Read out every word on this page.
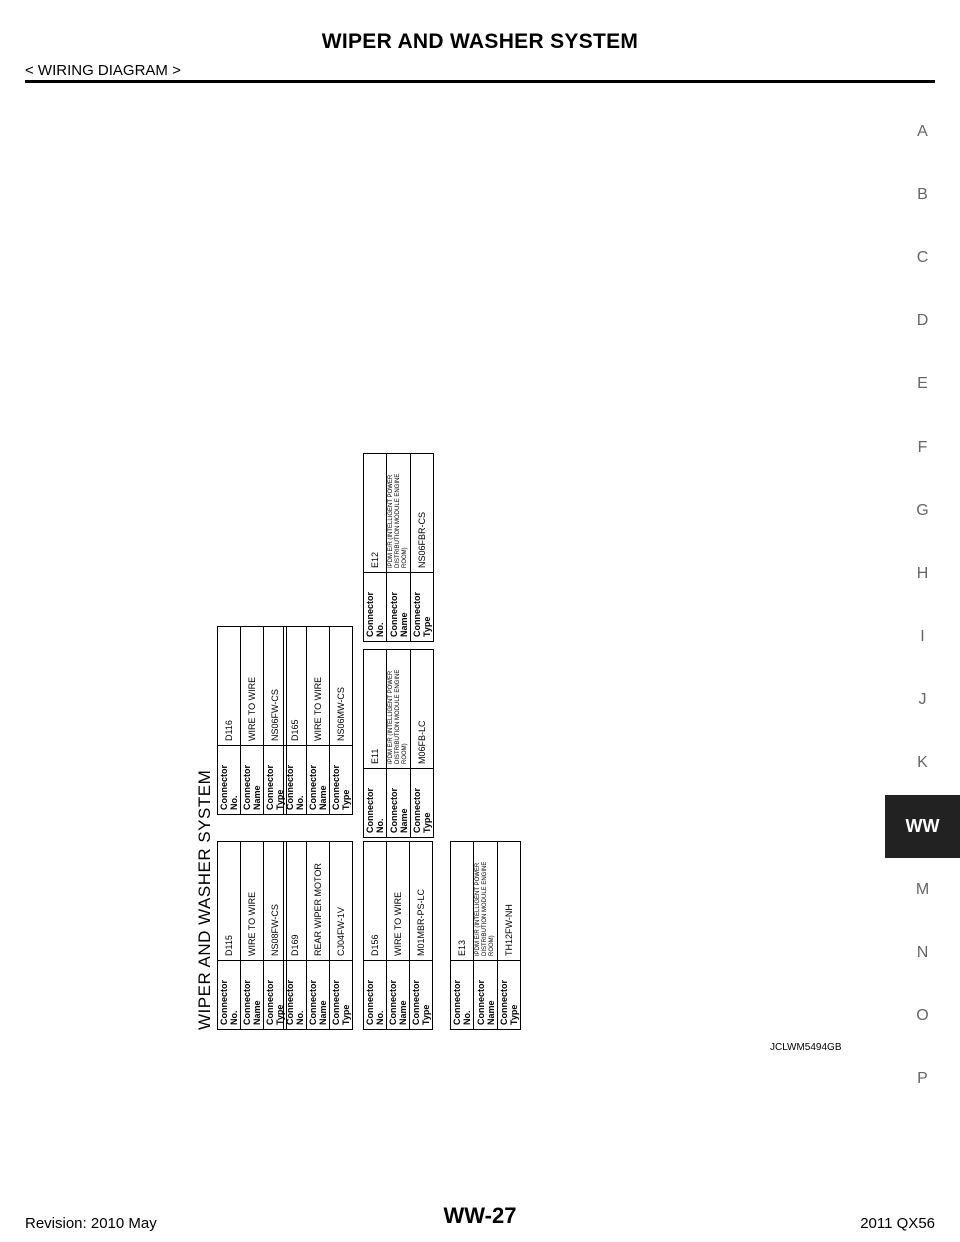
WIPER AND WASHER SYSTEM
< WIRING DIAGRAM >
A
B
C
D
E
F
G
H
I
J
K
WW
M
N
O
P
WIPER AND WASHER SYSTEM Connector No.	D115
Connector Name	WIRE TO WIRE
Connector Type	NS08FW-CS
Connector No.	D116
Connector Name	WIRE TO WIRE
Connector Type	NS06FW-CS
Connector No.	D169
Connector Name	REAR WIPER MOTOR
Connector Type	CJ04FW-1V
Connector No.	D165
Connector Name	WIRE TO WIRE
Connector Type	NS06MW-CS
Connector No.	D156
Connector Name	WIRE TO WIRE
Connector Type	M01MBR-PS-LC
Connector No.	E11
Connector Name	IPDM E/R (INTELLIGENT POWER DISTRIBUTION MODULE ENGINE ROOM)
Connector Type	M06FB-LC
Connector No.	E12
Connector Name	IPDM E/R (INTELLIGENT POWER DISTRIBUTION MODULE ENGINE ROOM)
Connector Type	NS06FBR-CS
Connector No.	E13
Connector Name	IPDM E/R (INTELLIGENT POWER DISTRIBUTION MODULE ENGINE ROOM)
Connector Type	TH12FW-NH
JCLWM5494GB
Revision: 2010 May	WW-27	2011 QX56
